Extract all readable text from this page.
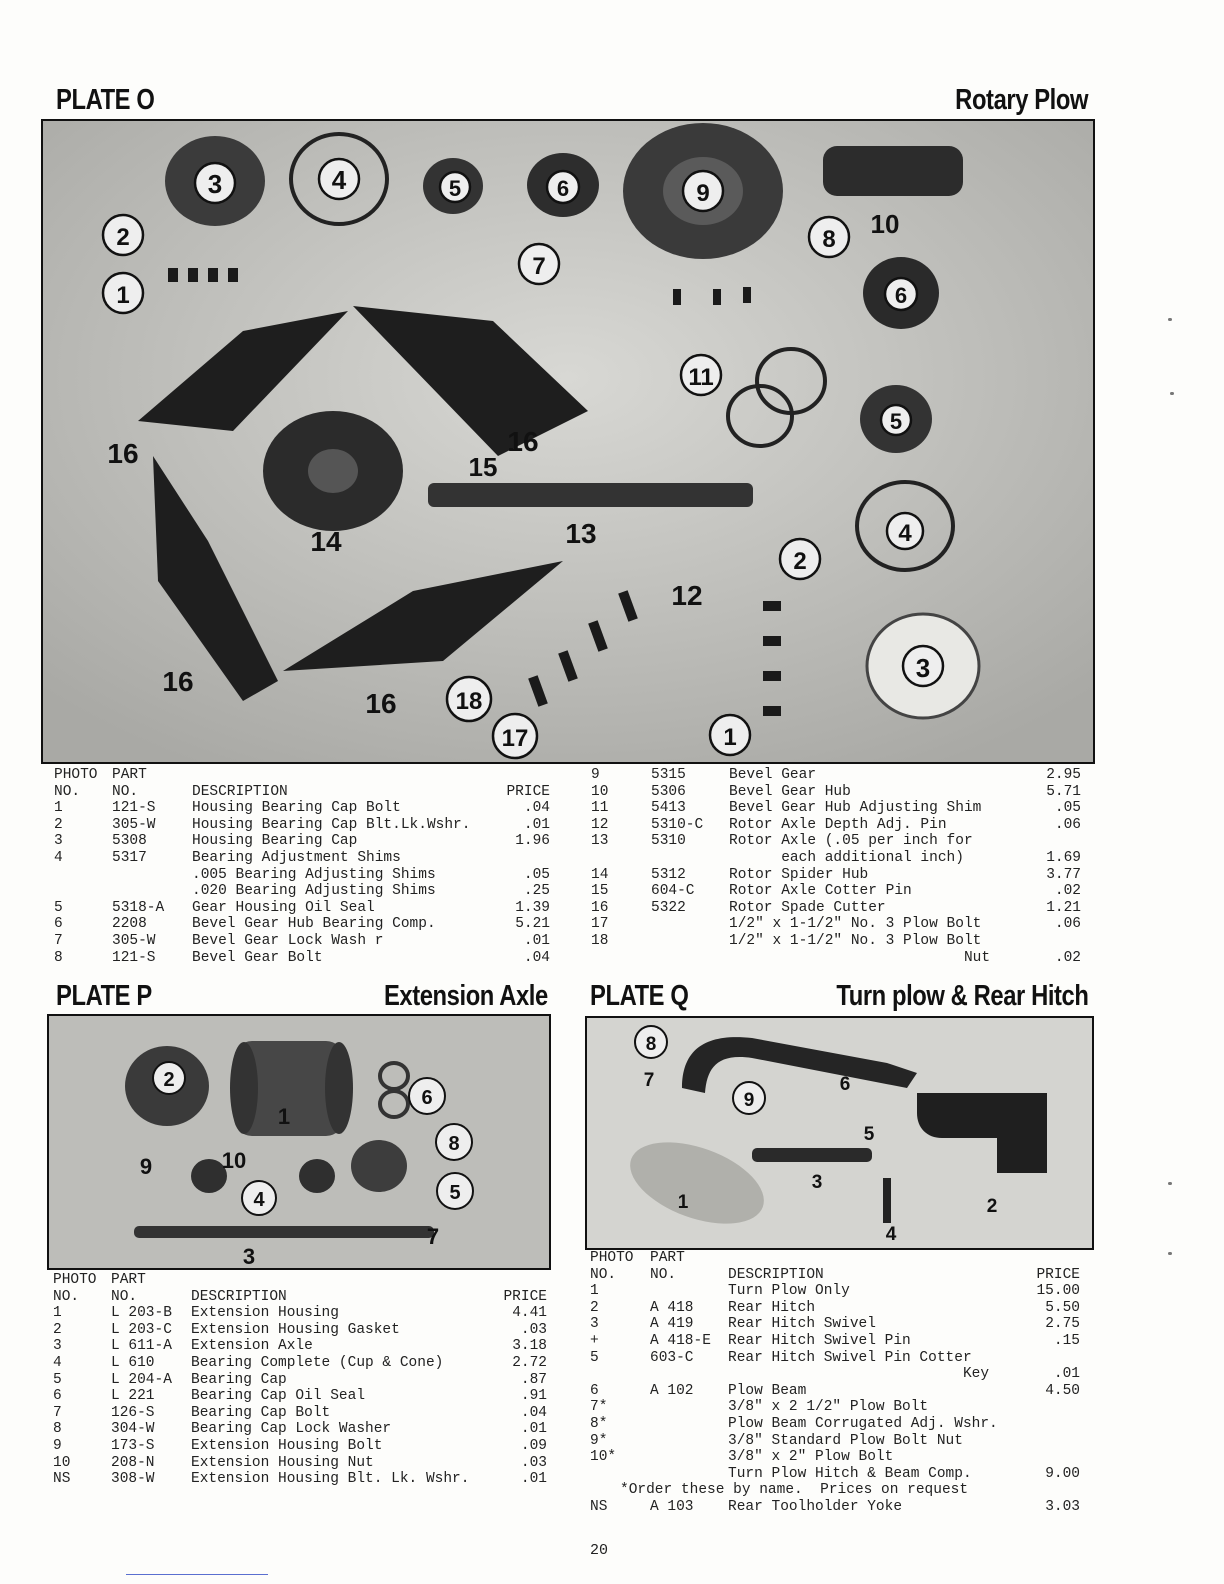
PLATE O	Rotary Plow
3	4	5	6	9
10
8
2
1
7
6
11
5
16	16
15
13
14	4
2
12
3
16
16 18
17	1
PHOTO	PART		
NO.	NO.	DESCRIPTION	PRICE
1	121-S	Housing Bearing Cap Bolt	.04
2	305-W	Housing Bearing Cap Blt.Lk.Wshr.	.01
3	5308	Housing Bearing Cap	1.96
4	5317	Bearing Adjustment Shims	
		.005 Bearing Adjusting Shims	.05
		.020 Bearing Adjusting Shims	.25
5	5318-A	Gear Housing Oil Seal	1.39
6	2208	Bevel Gear Hub Bearing Comp.	5.21
7	305-W	Bevel Gear Lock Wash r	.01
8	121-S	Bevel Gear Bolt	.04
9	5315	Bevel Gear	2.95
10	5306	Bevel Gear Hub	5.71
11	5413	Bevel Gear Hub Adjusting Shim	.05
12	5310-C	Rotor Axle Depth Adj. Pin	.06
13	5310	Rotor Axle (.05 per inch for	
		each additional inch)	1.69
14	5312	Rotor Spider Hub	3.77
15	604-C	Rotor Axle Cotter Pin	.02
16	5322	Rotor Spade Cutter	1.21
17		1/2" x 1-1/2" No. 3 Plow Bolt	.06
18		1/2" x 1-1/2" No. 3 Plow Bolt	
		Nut	.02
PLATE P	Extension Axle
2
1
6
8
5
9	10
4
3
7
PHOTO	PART		
NO.	NO.	DESCRIPTION	PRICE
1	L 203-B	Extension Housing	4.41
2	L 203-C	Extension Housing Gasket	.03
3	L 611-A	Extension Axle	3.18
4	L 610	Bearing Complete (Cup & Cone)	2.72
5	L 204-A	Bearing Cap	.87
6	L 221	Bearing Cap Oil Seal	.91
7	126-S	Bearing Cap Bolt	.04
8	304-W	Bearing Cap Lock Washer	.01
9	173-S	Extension Housing Bolt	.09
10	208-N	Extension Housing Nut	.03
NS	308-W	Extension Housing Blt. Lk. Wshr.	.01
PLATE Q	Turn plow & Rear Hitch
8
7
9
6
5
3
1
4
2
PHOTO	PART		
NO.	NO.	DESCRIPTION	PRICE
1		Turn Plow Only	15.00
2	A 418	Rear Hitch	5.50
3	A 419	Rear Hitch Swivel	2.75
+	A 418-E	Rear Hitch Swivel Pin	.15
5	603-C	Rear Hitch Swivel Pin Cotter	
		Key	.01
6	A 102	Plow Beam	4.50
7*		3/8" x 2 1/2" Plow Bolt	
8*		Plow Beam Corrugated Adj. Wshr.	
9*		3/8" Standard Plow Bolt Nut	
10*		3/8" x 2" Plow Bolt	
		Turn Plow Hitch & Beam Comp.	9.00
*Order these by name.  Prices on request			
NS	A 103	Rear Toolholder Yoke	3.03
20
